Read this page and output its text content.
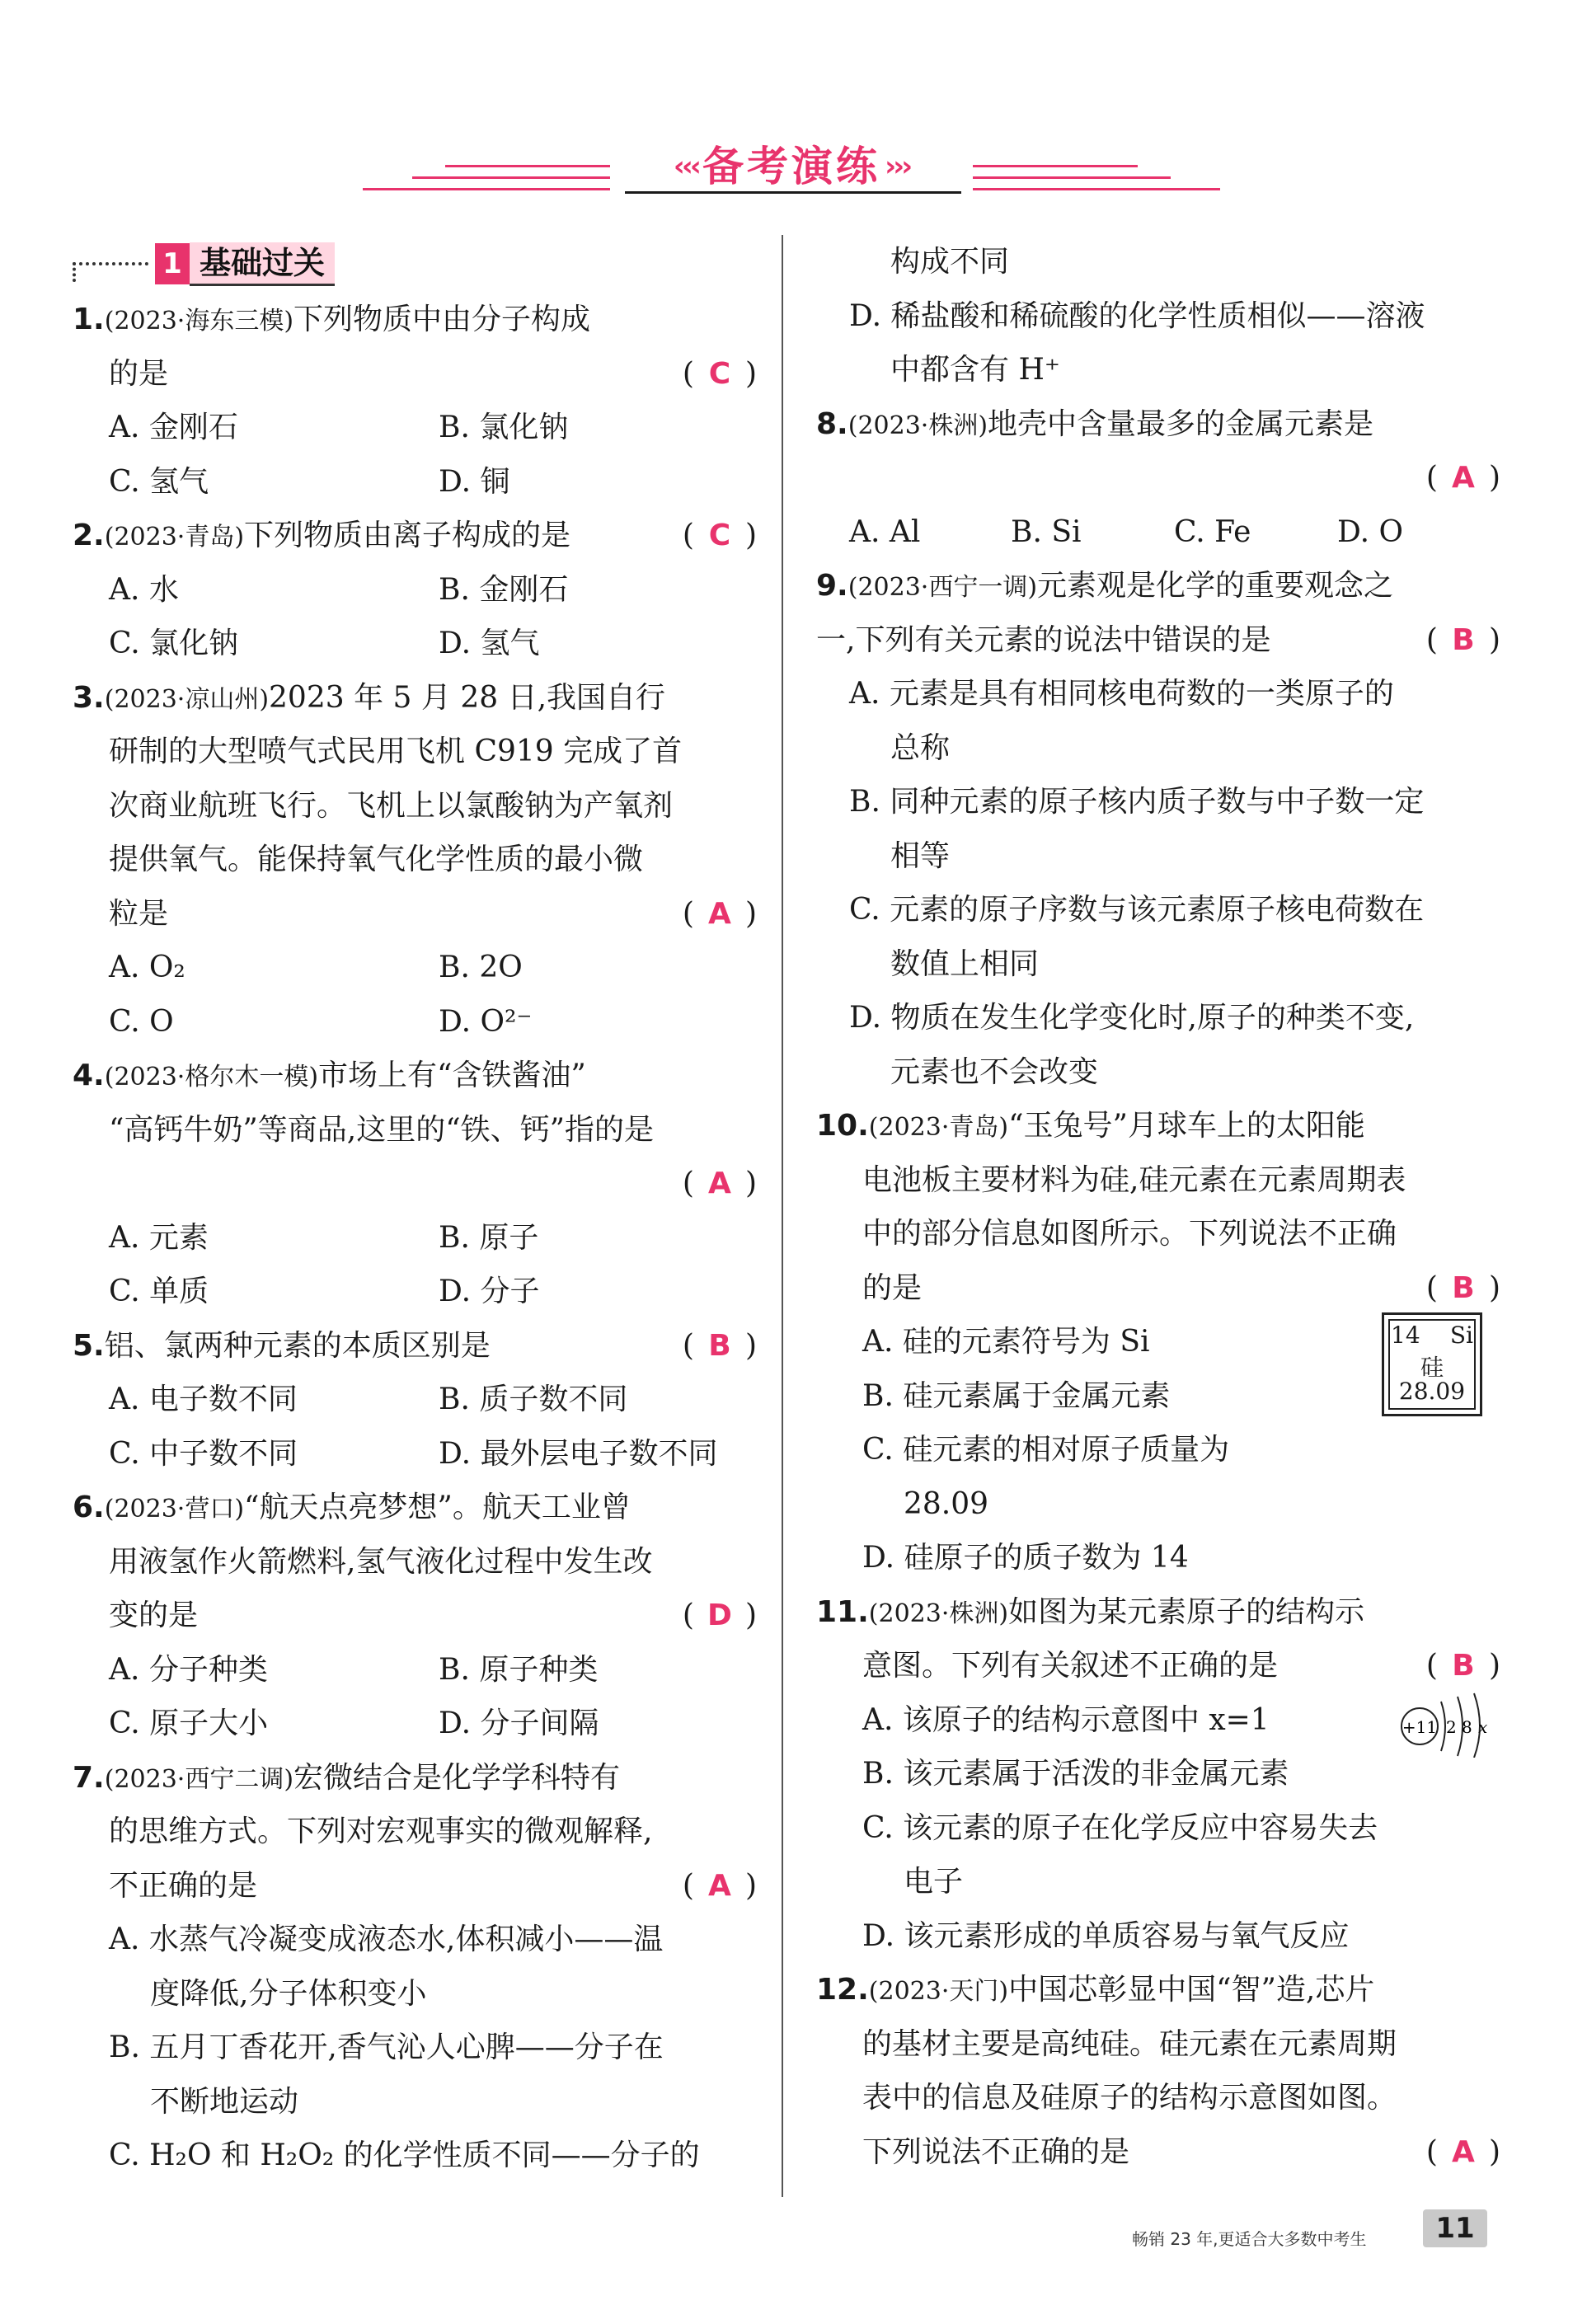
‹‹‹ 备考演练 ›››
1 基础过关
1.(2023·海东三模)下列物质中由分子构成
的是	( C )
A. 金刚石	B. 氯化钠
C. 氢气	D. 铜
2.(2023·青岛)下列物质由离子构成的是	( C )
A. 水	B. 金刚石
C. 氯化钠	D. 氢气
3.(2023·凉山州)2023 年 5 月 28 日,我国自行
研制的大型喷气式民用飞机 C919 完成了首
次商业航班飞行。飞机上以氯酸钠为产氧剂
提供氧气。能保持氧气化学性质的最小微
粒是	( A )
A. O₂	B. 2O
C. O	D. O²⁻
4.(2023·格尔木一模)市场上有“含铁酱油”
“高钙牛奶”等商品,这里的“铁、钙”指的是
( A )
A. 元素	B. 原子
C. 单质	D. 分子
5.铝、氯两种元素的本质区别是	( B )
A. 电子数不同	B. 质子数不同
C. 中子数不同	D. 最外层电子数不同
6.(2023·营口)“航天点亮梦想”。航天工业曾
用液氢作火箭燃料,氢气液化过程中发生改
变的是	( D )
A. 分子种类	B. 原子种类
C. 原子大小	D. 分子间隔
7.(2023·西宁二调)宏微结合是化学学科特有
的思维方式。下列对宏观事实的微观解释,
不正确的是	( A )
A. 水蒸气冷凝变成液态水,体积减小——温
度降低,分子体积变小
B. 五月丁香花开,香气沁人心脾——分子在
不断地运动
C. H₂O 和 H₂O₂ 的化学性质不同——分子的
构成不同
D. 稀盐酸和稀硫酸的化学性质相似——溶液
中都含有 H⁺
8.(2023·株洲)地壳中含量最多的金属元素是
( A )
A. Al	B. Si	C. Fe	D. O
9.(2023·西宁一调)元素观是化学的重要观念之
一,下列有关元素的说法中错误的是	( B )
A. 元素是具有相同核电荷数的一类原子的
总称
B. 同种元素的原子核内质子数与中子数一定
相等
C. 元素的原子序数与该元素原子核电荷数在
数值上相同
D. 物质在发生化学变化时,原子的种类不变,
元素也不会改变
10.(2023·青岛)“玉兔号”月球车上的太阳能
电池板主要材料为硅,硅元素在元素周期表
中的部分信息如图所示。下列说法不正确
的是	( B )
A. 硅的元素符号为 Si
B. 硅元素属于金属元素
C. 硅元素的相对原子质量为
28.09
D. 硅原子的质子数为 14
11.(2023·株洲)如图为某元素原子的结构示
意图。下列有关叙述不正确的是	( B )
A. 该原子的结构示意图中 x=1
B. 该元素属于活泼的非金属元素
C. 该元素的原子在化学反应中容易失去
电子
D. 该元素形成的单质容易与氧气反应
12.(2023·天门)中国芯彰显中国“智”造,芯片
的基材主要是高纯硅。硅元素在元素周期
表中的信息及硅原子的结构示意图如图。
下列说法不正确的是	( A )
14 Si
硅
28.09
+11 2 8 x
畅销 23 年,更适合大多数中考生	11
